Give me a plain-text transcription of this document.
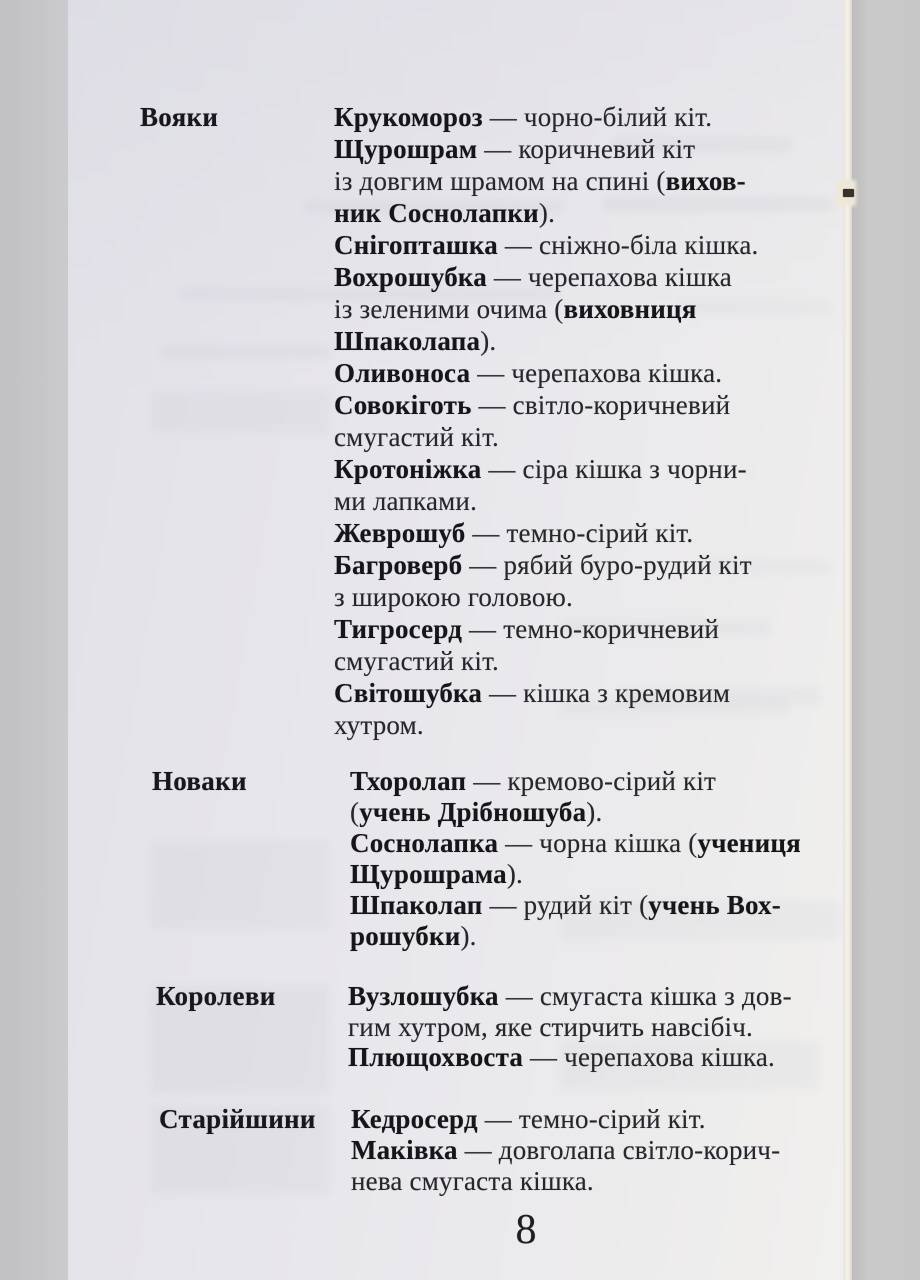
Вояки	Крукомороз — чорно-білий кіт.
Щурошрам — коричневий кіт
із довгим шрамом на спині (вихов-
ник Соснолапки).
Снігопташка — сніжно-біла кішка.
Вохрошубка — черепахова кішка
із зеленими очима (виховниця
Шпаколапа).
Оливоноса — черепахова кішка.
Совокіготь — світло-коричневий
смугастий кіт.
Кротоніжка — сіра кішка з чорни-
ми лапками.
Жеврошуб — темно-сірий кіт.
Багроверб — рябий буро-рудий кіт
з широкою головою.
Тигросерд — темно-коричневий
смугастий кіт.
Світошубка — кішка з кремовим
хутром.
Новаки	Тхоролап — кремово-сірий кіт
(учень Дрібношуба).
Соснолапка — чорна кішка (учениця
Щурошрама).
Шпаколап — рудий кіт (учень Вох-
рошубки).
Королеви	Вузлошубка — смугаста кішка з дов-
гим хутром, яке стирчить навсібіч.
Плющохвоста — черепахова кішка.
Старійшини Кедросерд — темно-сірий кіт.
Маківка — довголапа світло-корич-
нева смугаста кішка.
8
